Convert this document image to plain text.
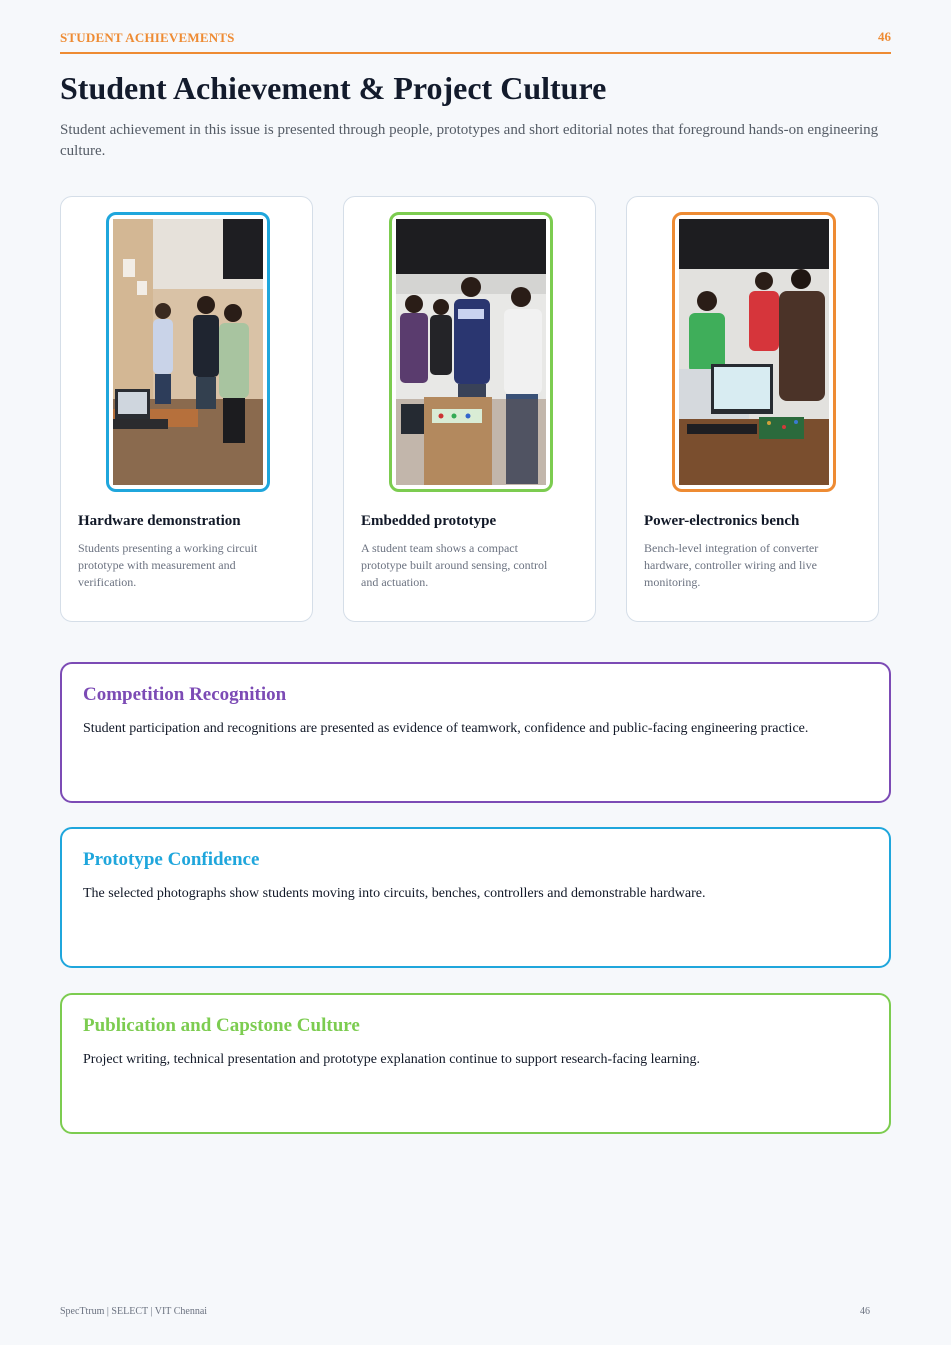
STUDENT ACHIEVEMENTS	46
Student Achievement & Project Culture

Student achievement in this issue is presented through people, prototypes and short editorial notes that foreground hands-on engineering culture.

Hardware demonstration

Students presenting a working circuit prototype with measurement and verification.

Embedded prototype

A student team shows a compact prototype built around sensing, control and actuation.

Power-electronics bench

Bench-level integration of converter hardware, controller wiring and live monitoring.

Competition Recognition

Student participation and recognitions are presented as evidence of teamwork, confidence and public-facing engineering practice.

Prototype Confidence

The selected photographs show students moving into circuits, benches, controllers and demonstrable hardware.

Publication and Capstone Culture

Project writing, technical presentation and prototype explanation continue to support research-facing learning.

SpecTtrum | SELECT | VIT Chennai	46
